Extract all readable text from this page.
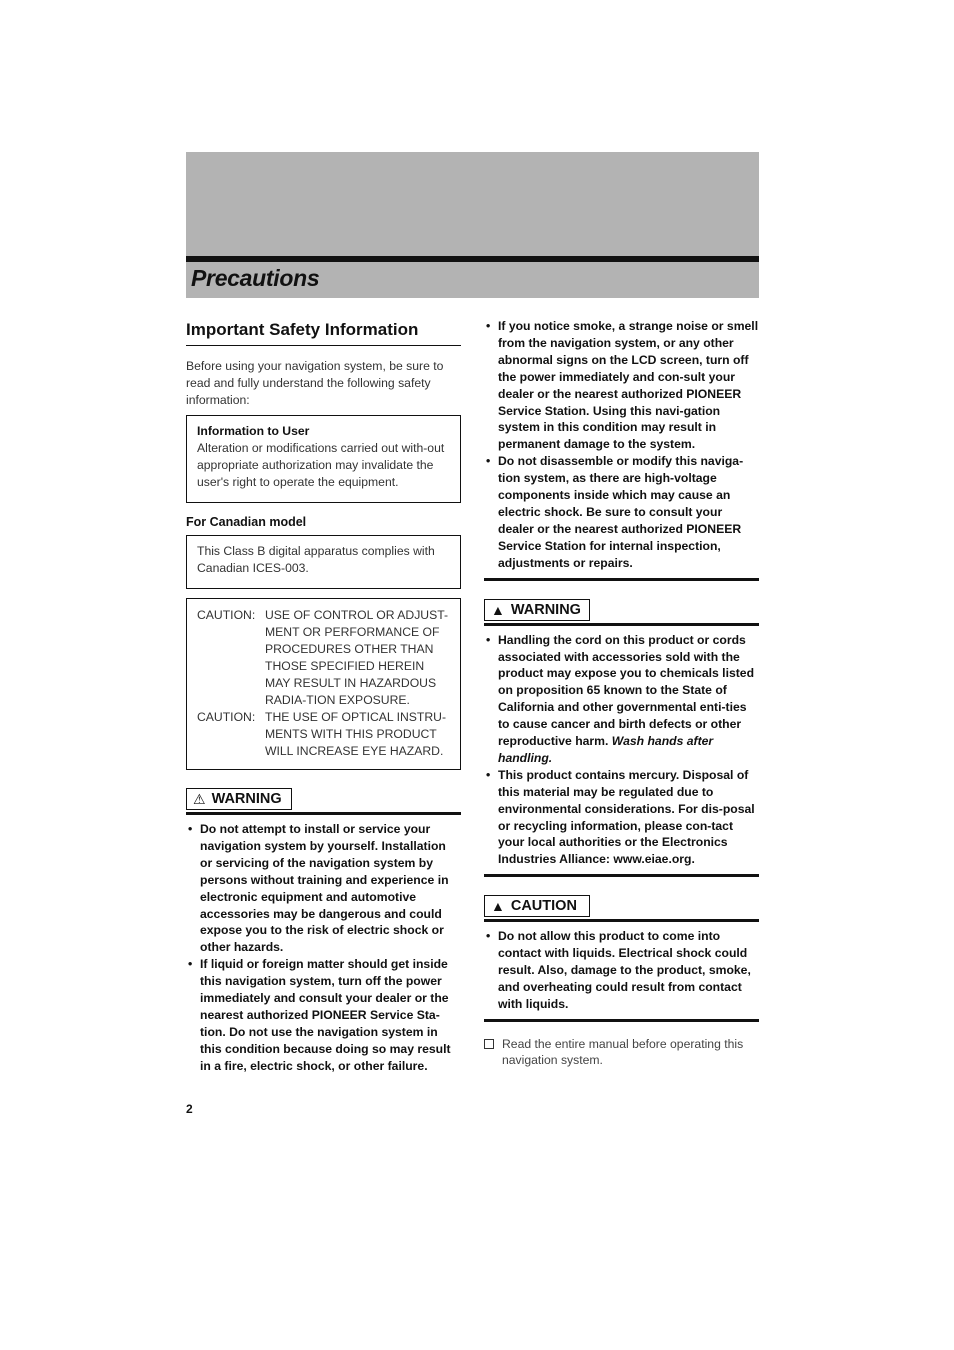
Precautions
Important Safety Information
Before using your navigation system, be sure to read and fully understand the following safety information:
Information to User
Alteration or modifications carried out with-out appropriate authorization may invalidate the user's right to operate the equipment.
For Canadian model
This Class B digital apparatus complies with Canadian ICES-003.
CAUTION: USE OF CONTROL OR ADJUST-MENT OR PERFORMANCE OF PROCEDURES OTHER THAN THOSE SPECIFIED HEREIN MAY RESULT IN HAZARDOUS RADIA-TION EXPOSURE.
CAUTION: THE USE OF OPTICAL INSTRU-MENTS WITH THIS PRODUCT WILL INCREASE EYE HAZARD.
⚠ WARNING
• Do not attempt to install or service your navigation system by yourself. Installation or servicing of the navigation system by persons without training and experience in electronic equipment and automotive accessories may be dangerous and could expose you to the risk of electric shock or other hazards.
• If liquid or foreign matter should get inside this navigation system, turn off the power immediately and consult your dealer or the nearest authorized PIONEER Service Sta-tion. Do not use the navigation system in this condition because doing so may result in a fire, electric shock, or other failure.
• If you notice smoke, a strange noise or smell from the navigation system, or any other abnormal signs on the LCD screen, turn off the power immediately and con-sult your dealer or the nearest authorized PIONEER Service Station. Using this navi-gation system in this condition may result in permanent damage to the system.
• Do not disassemble or modify this naviga-tion system, as there are high-voltage components inside which may cause an electric shock. Be sure to consult your dealer or the nearest authorized PIONEER Service Station for internal inspection, adjustments or repairs.
▲ WARNING
• Handling the cord on this product or cords associated with accessories sold with the product may expose you to chemicals listed on proposition 65 known to the State of California and other governmental enti-ties to cause cancer and birth defects or other reproductive harm. Wash hands after handling.
• This product contains mercury. Disposal of this material may be regulated due to environmental considerations. For dis-posal or recycling information, please con-tact your local authorities or the Electronics Industries Alliance: www.eiae.org.
▲ CAUTION
• Do not allow this product to come into contact with liquids. Electrical shock could result. Also, damage to the product, smoke, and overheating could result from contact with liquids.
Read the entire manual before operating this navigation system.
2
